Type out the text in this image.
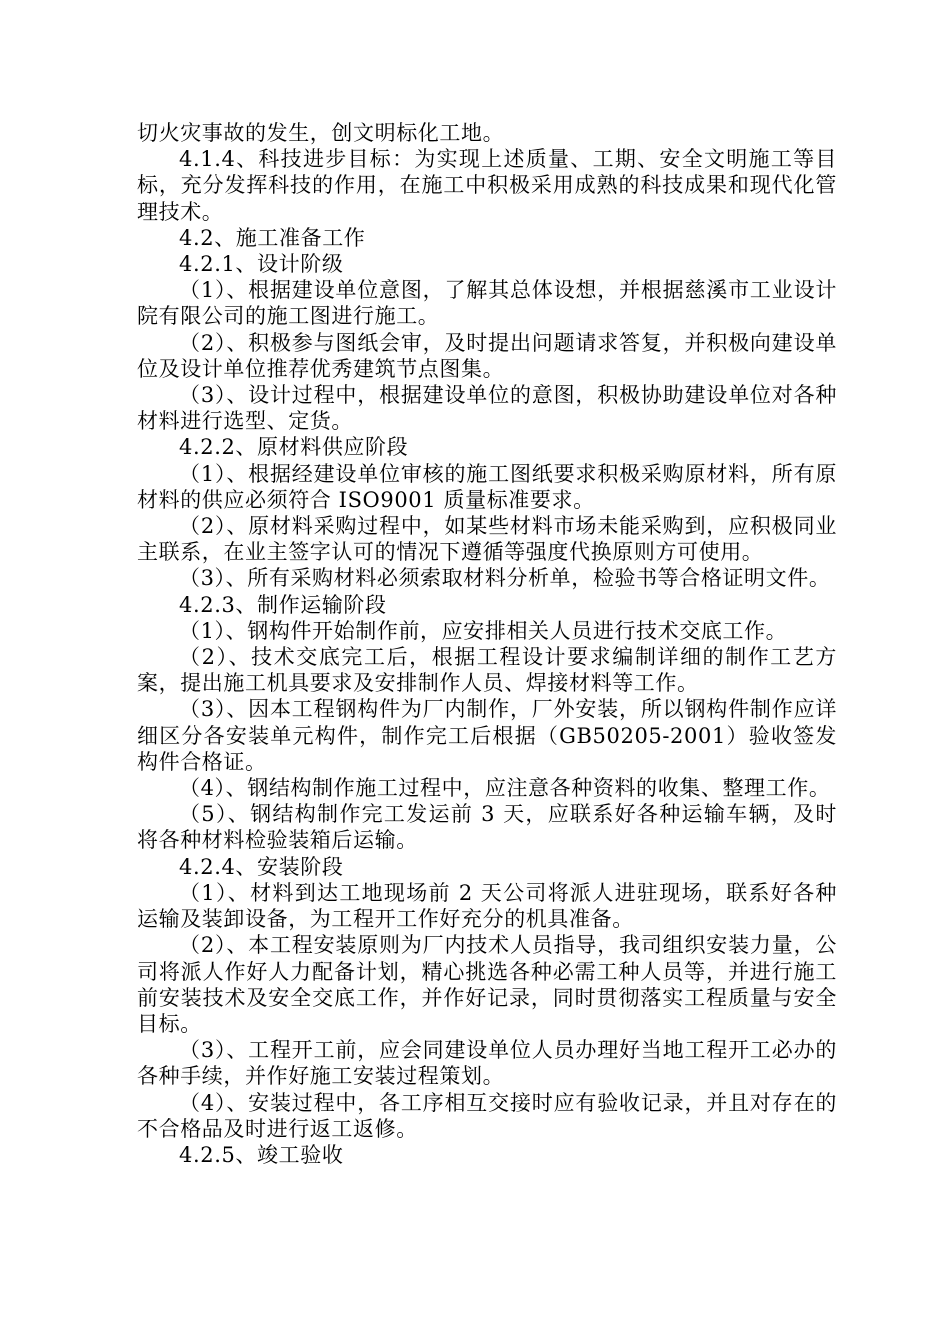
切火灾事故的发生，创文明标化工地。

4.1.4、科技进步目标：为实现上述质量、工期、安全文明施工等目标，充分发挥科技的作用，在施工中积极采用成熟的科技成果和现代化管理技术。

4.2、施工准备工作

4.2.1、设计阶级

（1）、根据建设单位意图，了解其总体设想，并根据慈溪市工业设计院有限公司的施工图进行施工。

（2）、积极参与图纸会审，及时提出问题请求答复，并积极向建设单位及设计单位推荐优秀建筑节点图集。

（3）、设计过程中，根据建设单位的意图，积极协助建设单位对各种材料进行选型、定货。

4.2.2、原材料供应阶段

（1）、根据经建设单位审核的施工图纸要求积极采购原材料，所有原材料的供应必须符合 ISO9001 质量标准要求。

（2）、原材料采购过程中，如某些材料市场未能采购到，应积极同业主联系，在业主签字认可的情况下遵循等强度代换原则方可使用。

（3）、所有采购材料必须索取材料分析单，检验书等合格证明文件。

4.2.3、制作运输阶段

（1）、钢构件开始制作前，应安排相关人员进行技术交底工作。

（2）、技术交底完工后，根据工程设计要求编制详细的制作工艺方案，提出施工机具要求及安排制作人员、焊接材料等工作。

（3）、因本工程钢构件为厂内制作，厂外安装，所以钢构件制作应详细区分各安装单元构件，制作完工后根据（GB50205-2001）验收签发构件合格证。

（4）、钢结构制作施工过程中，应注意各种资料的收集、整理工作。

（5）、钢结构制作完工发运前 3 天，应联系好各种运输车辆，及时将各种材料检验装箱后运输。

4.2.4、安装阶段

（1）、材料到达工地现场前 2 天公司将派人进驻现场，联系好各种运输及装卸设备，为工程开工作好充分的机具准备。

（2）、本工程安装原则为厂内技术人员指导，我司组织安装力量，公司将派人作好人力配备计划，精心挑选各种必需工种人员等，并进行施工前安装技术及安全交底工作，并作好记录，同时贯彻落实工程质量与安全目标。

（3）、工程开工前，应会同建设单位人员办理好当地工程开工必办的各种手续，并作好施工安装过程策划。

（4）、安装过程中，各工序相互交接时应有验收记录，并且对存在的不合格品及时进行返工返修。

4.2.5、竣工验收
